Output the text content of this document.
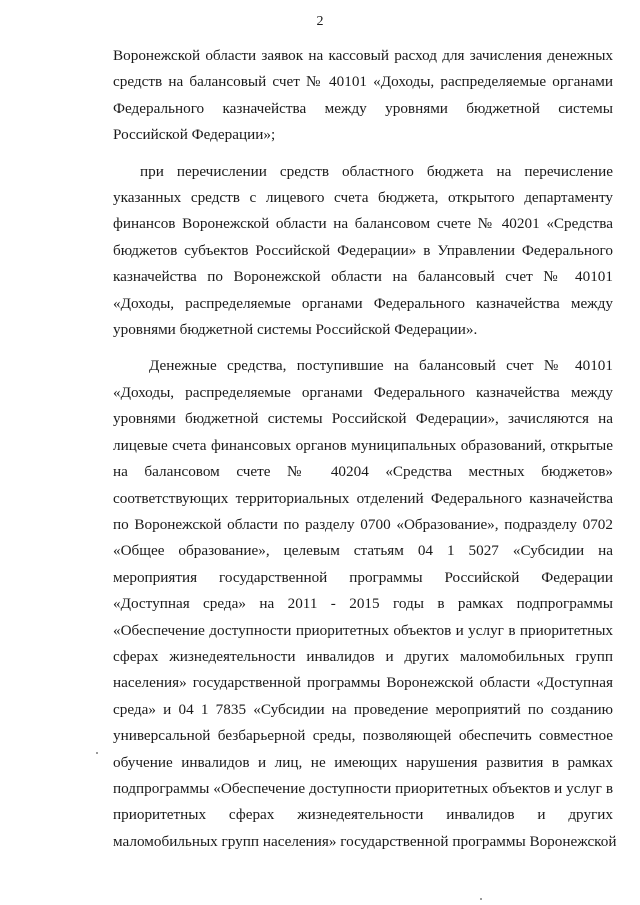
2
Воронежской области заявок на кассовый расход для зачисления денежных
средств на балансовый счет № 40101 «Доходы, распределяемые органами
Федерального казначейства между уровнями бюджетной системы
Российской Федерации»;
при перечислении средств областного бюджета на перечисление
указанных средств с лицевого счета бюджета, открытого департаменту
финансов Воронежской области на балансовом счете № 40201 «Средства
бюджетов субъектов Российской Федерации» в Управлении Федерального
казначейства по Воронежской области на балансовый счет № 40101
«Доходы, распределяемые органами Федерального казначейства между
уровнями бюджетной системы Российской Федерации».
Денежные средства, поступившие на балансовый счет № 40101
«Доходы, распределяемые органами Федерального казначейства между
уровнями бюджетной системы Российской Федерации», зачисляются на
лицевые счета финансовых органов муниципальных образований, открытые
на балансовом счете № 40204 «Средства местных бюджетов»
соответствующих территориальных отделений Федерального казначейства
по Воронежской области по разделу 0700 «Образование», подразделу 0702
«Общее образование», целевым статьям 04 1 5027 «Субсидии на
мероприятия государственной программы Российской Федерации
«Доступная среда» на 2011 - 2015 годы в рамках подпрограммы
«Обеспечение доступности приоритетных объектов и услуг в приоритетных
сферах жизнедеятельности инвалидов и других маломобильных групп
населения» государственной программы Воронежской области «Доступная
среда» и 04 1 7835 «Субсидии на проведение мероприятий по созданию
универсальной безбарьерной среды, позволяющей обеспечить совместное
обучение инвалидов и лиц, не имеющих нарушения развития в рамках
подпрограммы «Обеспечение доступности приоритетных объектов и услуг в
приоритетных сферах жизнедеятельности инвалидов и других
маломобильных групп населения» государственной программы Воронежской
